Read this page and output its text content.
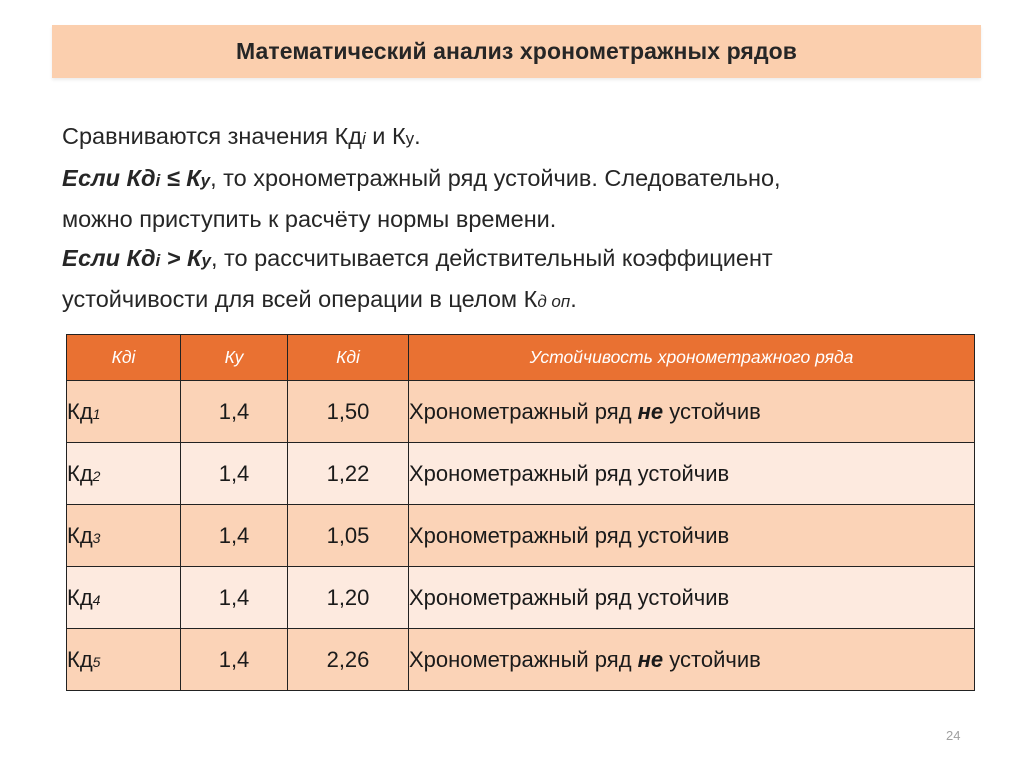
Математический анализ хронометражных рядов

Сравниваются значения Кдi и Ку.

Если Кдi ≤ Ку, то хронометражный ряд устойчив. Следовательно,

можно приступить к расчёту нормы времени.

Если Кдi > Ку, то рассчитывается действительный коэффициент

устойчивости для всей операции в целом Кд оп.

Кдi	Ку	Кдi	Устойчивость хронометражного ряда
Кд1	1,4	1,50	Хронометражный ряд не устойчив
Кд2	1,4	1,22	Хронометражный ряд устойчив
Кд3	1,4	1,05	Хронометражный ряд устойчив
Кд4	1,4	1,20	Хронометражный ряд устойчив
Кд5	1,4	2,26	Хронометражный ряд не устойчив
24
